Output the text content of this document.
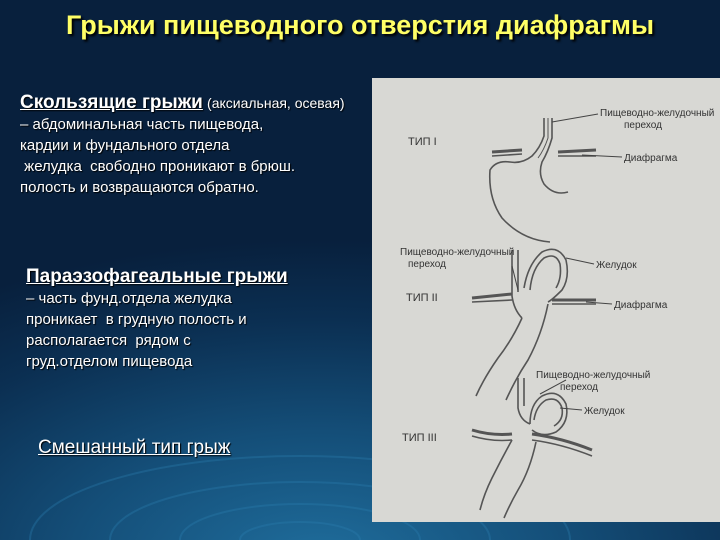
Грыжи пищеводного отверстия диафрагмы
Скользящие грыжи (аксиальная, осевая)
– абдоминальная часть пищевода,
кардии и фундального отдела
желудка  свободно проникают в брюш.
полость и возвращаются обратно.
Параэзофагеальные грыжи
– часть фунд.отдела желудка
проникает  в грудную полость и
располагается  рядом с
груд.отделом пищевода
Смешанный тип грыж
ТИП I
Пищеводно-желудочный
переход
Диафрагма
ТИП II
Пищеводно-желудочный
переход	Желудок
Диафрагма
ТИП III
Пищеводно-желудочный
переход
Желудок
